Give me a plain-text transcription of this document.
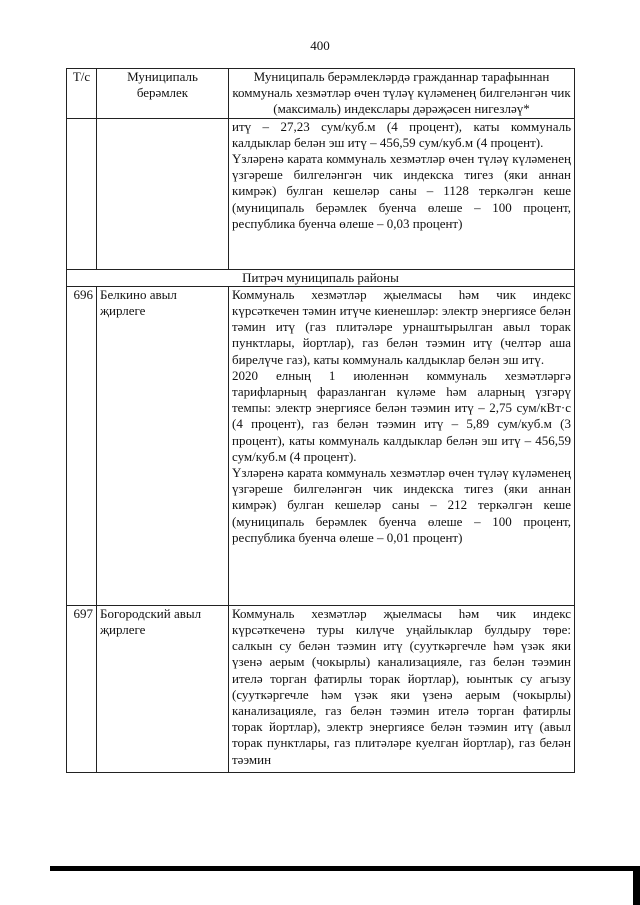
400
Т/с	Муниципаль берәмлек	Муниципаль берәмлекләрдә гражданнар тарафыннан коммуналь хезмәтләр өчен түләү күләменең билгеләнгән чик (максималь) индекслары дәрәҗәсен нигезләү*

		итү – 27,23 сум/куб.м (4 процент), каты коммуналь калдыклар белән эш итү – 456,59 сум/куб.м (4 процент).

Үзләренә карата коммуналь хезмәтләр өчен түләү күләменең үзгәреше билгеләнгән чик индекска тигез (яки аннан кимрәк) булган кешеләр саны – 1128 теркәлгән кеше (муниципаль берәмлек буенча өлеше – 100 процент, республика буенча өлеше – 0,03 процент)

Питрәч муниципаль районы		
696	Белкино авыл җирлеге	Коммуналь хезмәтләр җыелмасы һәм чик индекс күрсәткечен тәмин итүче киенешләр: электр энергиясе белән тәмин итү (газ плитәләре урнаштырылган авыл торак пунктлары, йортлар), газ белән тәэмин итү (челтәр аша бирелүче газ), каты коммуналь калдыклар белән эш итү.

2020 елның 1 июленнән коммуналь хезмәтләргә тарифларның фаразланган күләме һәм аларның үзгәрү темпы: электр энергиясе белән тәэмин итү – 2,75 сум/кВт·с (4 процент), газ белән тәэмин итү – 5,89 сум/куб.м (3 процент), каты коммуналь калдыклар белән эш итү – 456,59 сум/куб.м (4 процент).

Үзләренә карата коммуналь хезмәтләр өчен түләү күләменең үзгәреше билгеләнгән чик индекска тигез (яки аннан кимрәк) булган кешеләр саны – 212 теркәлгән кеше (муниципаль берәмлек буенча өлеше – 100 процент, республика буенча өлеше – 0,01 процент)

697	Богородский авыл җирлеге	Коммуналь хезмәтләр җыелмасы һәм чик индекс күрсәткеченә туры килүче уңайлыклар булдыру төре: салкын су белән тәэмин итү (сууткәргечле һәм үзәк яки үзенә аерым (чокырлы) канализацияле, газ белән тәэмин ителә торган фатирлы торак йортлар), юынтык су агызу (сууткәргечле һәм үзәк яки үзенә аерым (чокырлы) канализацияле, газ белән тәэмин ителә торган фатирлы торак йортлар), электр энергиясе белән тәэмин итү (авыл торак пунктлары, газ плитәләре куелган йортлар), газ белән тәэмин
